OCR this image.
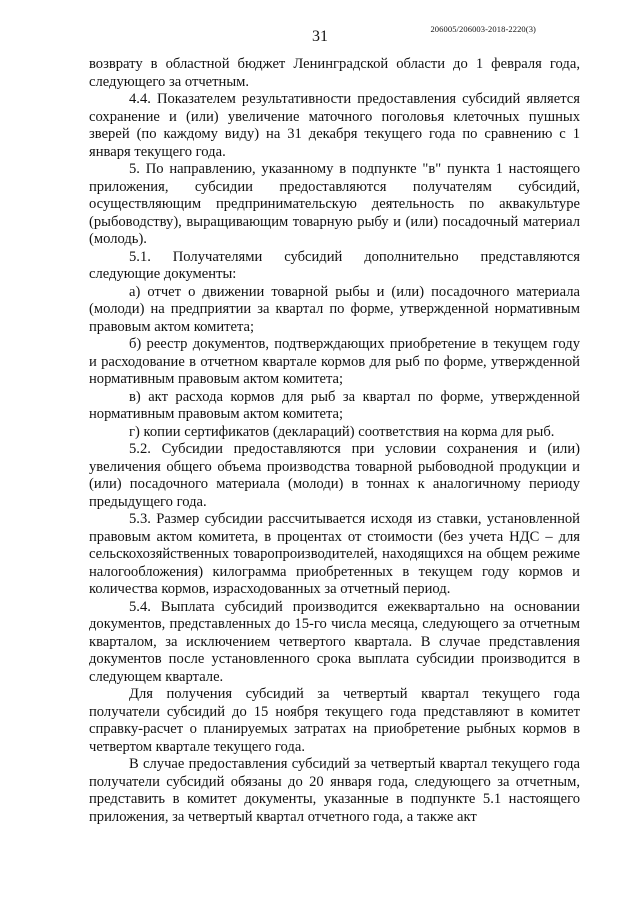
31	206005/206003-2018-2220(3)

возврату в областной бюджет Ленинградской области до 1 февраля года, следующего за отчетным.

4.4. Показателем результативности предоставления субсидий является сохранение и (или) увеличение маточного поголовья клеточных пушных зверей (по каждому виду) на 31 декабря текущего года по сравнению с 1 января текущего года.

5. По направлению, указанному в подпункте "в" пункта 1 настоящего приложения, субсидии предоставляются получателям субсидий, осуществляющим предпринимательскую деятельность по аквакультуре (рыбоводству), выращивающим товарную рыбу и (или) посадочный материал (молодь).

5.1. Получателями субсидий дополнительно представляются следующие документы:

а) отчет о движении товарной рыбы и (или) посадочного материала (молоди) на предприятии за квартал по форме, утвержденной нормативным правовым актом комитета;

б) реестр документов, подтверждающих приобретение в текущем году и расходование в отчетном квартале кормов для рыб по форме, утвержденной нормативным правовым актом комитета;

в) акт расхода кормов для рыб за квартал по форме, утвержденной нормативным правовым актом комитета;

г) копии сертификатов (деклараций) соответствия на корма для рыб.

5.2. Субсидии предоставляются при условии сохранения и (или) увеличения общего объема производства товарной рыбоводной продукции и (или) посадочного материала (молоди) в тоннах к аналогичному периоду предыдущего года.

5.3. Размер субсидии рассчитывается исходя из ставки, установленной правовым актом комитета, в процентах от стоимости (без учета НДС – для сельскохозяйственных товаропроизводителей, находящихся на общем режиме налогообложения) килограмма приобретенных в текущем году кормов и количества кормов, израсходованных за отчетный период.

5.4. Выплата субсидий производится ежеквартально на основании документов, представленных до 15-го числа месяца, следующего за отчетным кварталом, за исключением четвертого квартала. В случае представления документов после установленного срока выплата субсидии производится в следующем квартале.

Для получения субсидий за четвертый квартал текущего года получатели субсидий до 15 ноября текущего года представляют в комитет справку-расчет о планируемых затратах на приобретение рыбных кормов в четвертом квартале текущего года.

В случае предоставления субсидий за четвертый квартал текущего года получатели субсидий обязаны до 20 января года, следующего за отчетным, представить в комитет документы, указанные в подпункте 5.1 настоящего приложения, за четвертый квартал отчетного года, а также акт
